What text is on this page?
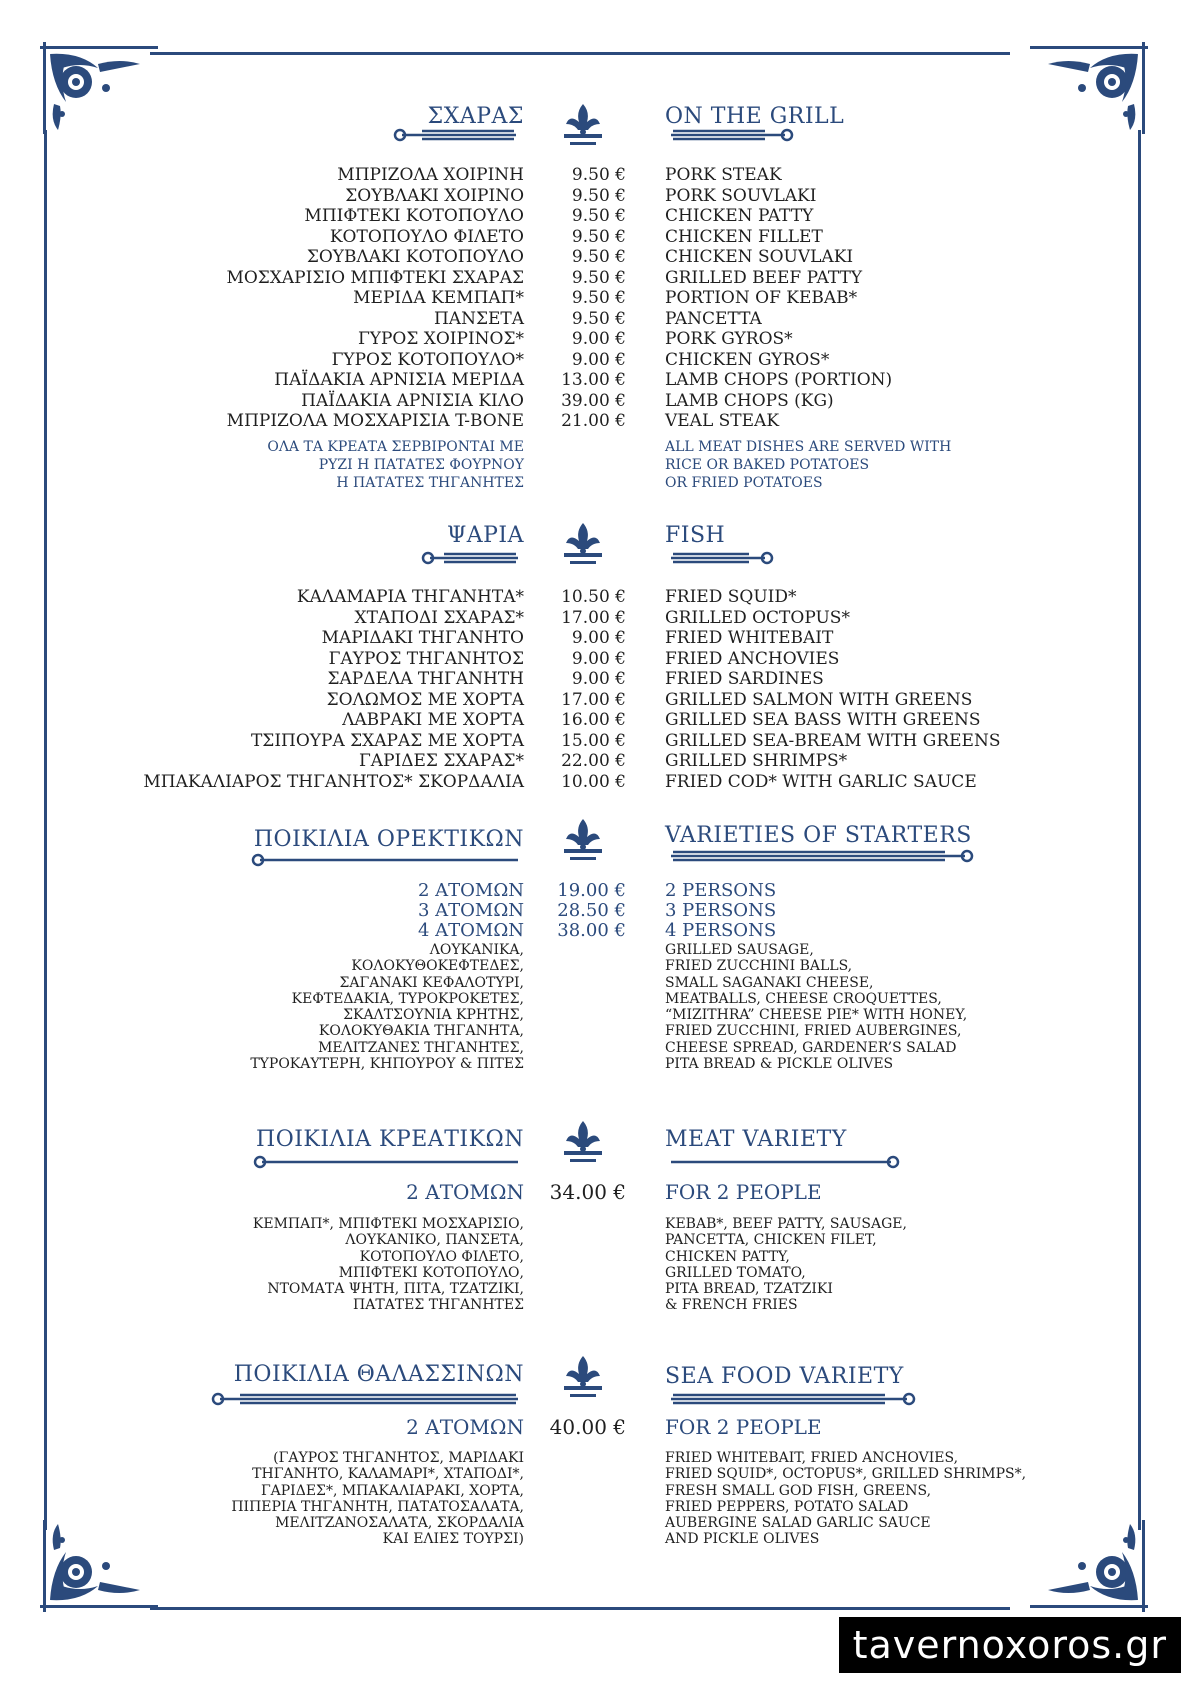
ΣΧΑΡΑΣ	ON THE GRILL
ΜΠΡΙΖΟΛΑ ΧΟΙΡΙΝΗ	9.50 € PORK STEAK
ΣΟΥΒΛΑΚΙ ΧΟΙΡΙΝΟ	9.50 € PORK SOUVLAKI
ΜΠΙΦΤΕΚΙ ΚΟΤΟΠΟΥΛΟ	9.50 € CHICKEN PATTY
ΚΟΤΟΠΟΥΛΟ ΦΙΛΕΤΟ	9.50 € CHICKEN FILLET
ΣΟΥΒΛΑΚΙ ΚΟΤΟΠΟΥΛΟ	9.50 € CHICKEN SOUVLAKI
ΜΟΣΧΑΡΙΣΙΟ ΜΠΙΦΤΕΚΙ ΣΧΑΡΑΣ	9.50 € GRILLED BEEF PATTY
ΜΕΡΙΔΑ ΚΕΜΠΑΠ*	9.50 € PORTION OF KEBAB*
ΠΑΝΣΕΤΑ	9.50 € PANCETTA
ΓΥΡΟΣ ΧΟΙΡΙΝΟΣ*	9.00 € PORK GYROS*
ΓΥΡΟΣ ΚΟΤΟΠΟΥΛΟ*	9.00 € CHICKEN GYROS*
ΠΑΪΔΑΚΙΑ ΑΡΝΙΣΙΑ ΜΕΡΙΔΑ 13.00 € LAMB CHOPS (PORTION)
ΠΑΪΔΑΚΙΑ ΑΡΝΙΣΙΑ ΚΙΛΟ 39.00 € LAMB CHOPS (KG)
ΜΠΡΙΖΟΛΑ ΜΟΣΧΑΡΙΣΙΑ T-BONE 21.00 € VEAL STEAK
ΟΛΑ ΤΑ ΚΡΕΑΤΑ ΣΕΡΒΙΡΟΝΤΑΙ ΜΕ
ΡΥΖΙ Η ΠΑΤΑΤΕΣ ΦΟΥΡΝΟΥ
Η ΠΑΤΑΤΕΣ ΤΗΓΑΝΗΤΕΣ
ALL MEAT DISHES ARE SERVED WITH
RICE OR BAKED POTATOES
OR FRIED POTATOES
ΨΑΡΙΑ	FISH
ΚΑΛΑΜΑΡΙΑ ΤΗΓΑΝΗΤΑ* 10.50 € FRIED SQUID*
ΧΤΑΠΟΔΙ ΣΧΑΡΑΣ* 17.00 € GRILLED OCTOPUS*
ΜΑΡΙΔΑΚΙ ΤΗΓΑΝΗΤΟ	9.00 € FRIED WHITEBAIT
ΓΑΥΡΟΣ ΤΗΓΑΝΗΤΟΣ	9.00 € FRIED ANCHOVIES
ΣΑΡΔΕΛΑ ΤΗΓΑΝΗΤΗ	9.00 € FRIED SARDINES
ΣΟΛΩΜΟΣ ΜΕ ΧΟΡΤΑ 17.00 € GRILLED SALMON WITH GREENS
ΛΑΒΡΑΚΙ ΜΕ ΧΟΡΤΑ 16.00 € GRILLED SEA BASS WITH GREENS
ΤΣΙΠΟΥΡΑ ΣΧΑΡΑΣ ΜΕ ΧΟΡΤΑ 15.00 € GRILLED SEA-BREAM WITH GREENS
ΓΑΡΙΔΕΣ ΣΧΑΡΑΣ* 22.00 € GRILLED SHRIMPS*
ΜΠΑΚΑΛΙΑΡΟΣ ΤΗΓΑΝΗΤΟΣ* ΣΚΟΡΔΑΛΙΑ 10.00 € FRIED COD* WITH GARLIC SAUCE
ΠΟΙΚΙΛΙΑ ΟΡΕΚΤΙΚΩΝ	VARIETIES OF STARTERS
2 ΑΤΟΜΩΝ 19.00 € 2 PERSONS
3 ΑΤΟΜΩΝ 28.50 € 3 PERSONS
4 ΑΤΟΜΩΝ 38.00 € 4 PERSONS
ΛΟΥΚΑΝΙΚΑ,
ΚΟΛΟΚΥΘΟΚΕΦΤΕΔΕΣ,
ΣΑΓΑΝΑΚΙ ΚΕΦΑΛΟΤΥΡΙ,
ΚΕΦΤΕΔΑΚΙΑ, ΤΥΡΟΚΡΟΚΕΤΕΣ,
ΣΚΑΛΤΣΟΥΝΙΑ ΚΡΗΤΗΣ,
ΚΟΛΟΚΥΘΑΚΙΑ ΤΗΓΑΝΗΤΑ,
ΜΕΛΙΤΖΑΝΕΣ ΤΗΓΑΝΗΤΕΣ,
ΤΥΡΟΚΑΥΤΕΡΗ, ΚΗΠΟΥΡΟΥ & ΠΙΤΕΣ
GRILLED SAUSAGE,
FRIED ZUCCHINI BALLS,
SMALL SAGANAKI CHEESE,
MEATBALLS, CHEESE CROQUETTES,
“MIZITHRA” CHEESE PIE* WITH HONEY,
FRIED ZUCCHINI, FRIED AUBERGINES,
CHEESE SPREAD, GARDENER’S SALAD
PITA BREAD & PICKLE OLIVES
ΠΟΙΚΙΛΙΑ ΚΡΕΑΤΙΚΩΝ	MEAT VARIETY
2 ΑΤΟΜΩΝ 34.00 € FOR 2 PEOPLE
ΚΕΜΠΑΠ*, ΜΠΙΦΤΕΚΙ ΜΟΣΧΑΡΙΣΙΟ,
ΛΟΥΚΑΝΙΚΟ, ΠΑΝΣΕΤΑ,
ΚΟΤΟΠΟΥΛΟ ΦΙΛΕΤΟ,
ΜΠΙΦΤΕΚΙ ΚΟΤΟΠΟΥΛΟ,
ΝΤΟΜΑΤΑ ΨΗΤΗ, ΠΙΤΑ, ΤΖΑΤΖΙΚΙ,
ΠΑΤΑΤΕΣ ΤΗΓΑΝΗΤΕΣ
KEBAB*, BEEF PATTY, SAUSAGE,
PANCETTA, CHICKEN FILET,
CHICKEN PATTY,
GRILLED TOMATO,
PITA BREAD, TZATZIKI
& FRENCH FRIES
ΠΟΙΚΙΛΙΑ ΘΑΛΑΣΣΙΝΩΝ	SEA FOOD VARIETY
2 ΑΤΟΜΩΝ 40.00 € FOR 2 PEOPLE
(ΓΑΥΡΟΣ ΤΗΓΑΝΗΤΟΣ, ΜΑΡΙΔΑΚΙ
ΤΗΓΑΝΗΤΟ, ΚΑΛΑΜΑΡΙ*, ΧΤΑΠΟΔΙ*,
ΓΑΡΙΔΕΣ*, ΜΠΑΚΑΛΙΑΡΑΚΙ, ΧΟΡΤΑ,
ΠΙΠΕΡΙΑ ΤΗΓΑΝΗΤΗ, ΠΑΤΑΤΟΣΑΛΑΤΑ,
ΜΕΛΙΤΖΑΝΟΣΑΛΑΤΑ, ΣΚΟΡΔΑΛΙΑ
ΚΑΙ ΕΛΙΕΣ ΤΟΥΡΣΙ)
FRIED WHITEBAIT, FRIED ANCHOVIES,
FRIED SQUID*, OCTOPUS*, GRILLED SHRIMPS*,
FRESH SMALL GOD FISH, GREENS,
FRIED PEPPERS, POTATO SALAD
AUBERGINE SALAD GARLIC SAUCE
AND PICKLE OLIVES
tavernoxoros.gr
